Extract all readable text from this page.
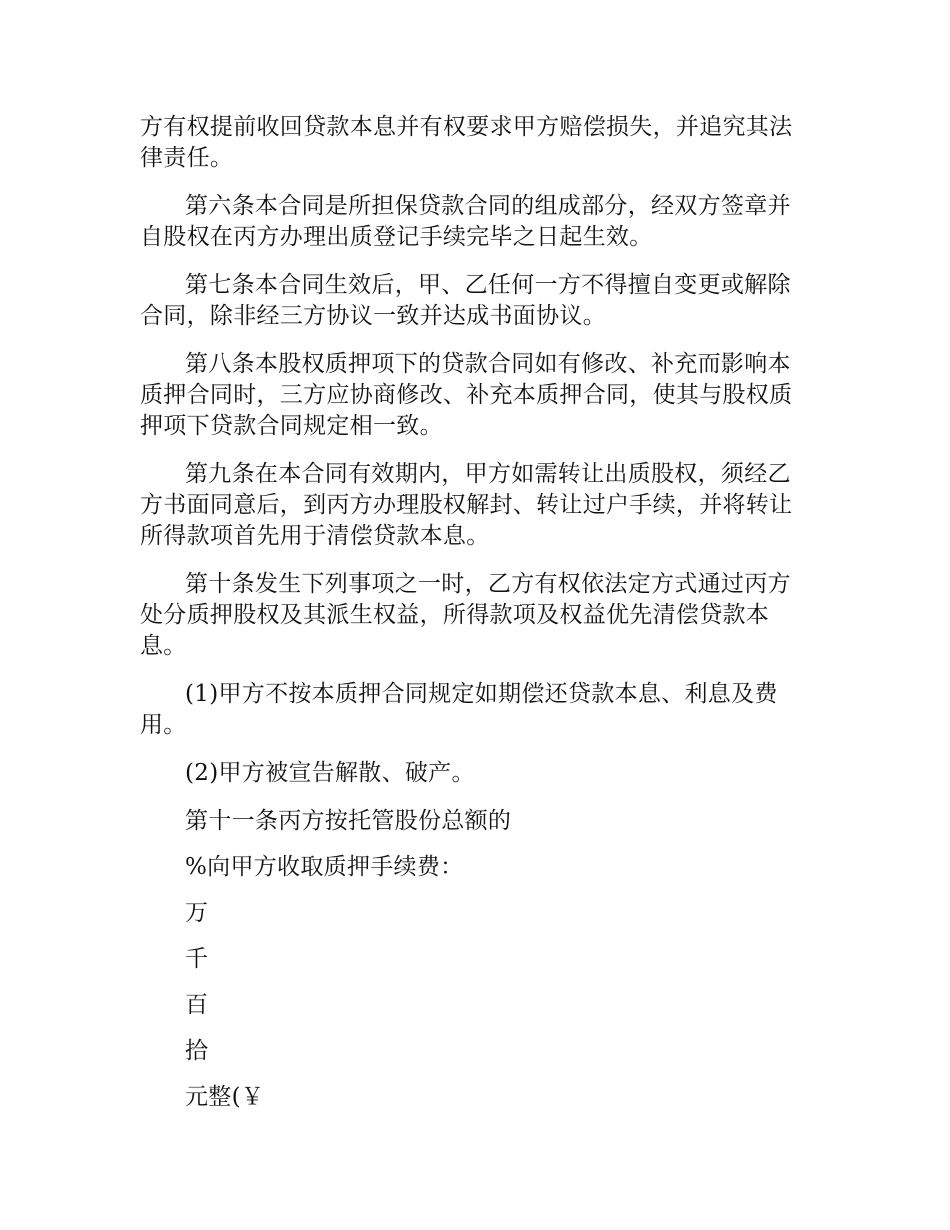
方有权提前收回贷款本息并有权要求甲方赔偿损失，并追究其法律责任。

第六条本合同是所担保贷款合同的组成部分，经双方签章并自股权在丙方办理出质登记手续完毕之日起生效。

第七条本合同生效后，甲、乙任何一方不得擅自变更或解除合同，除非经三方协议一致并达成书面协议。

第八条本股权质押项下的贷款合同如有修改、补充而影响本质押合同时，三方应协商修改、补充本质押合同，使其与股权质押项下贷款合同规定相一致。

第九条在本合同有效期内，甲方如需转让出质股权，须经乙方书面同意后，到丙方办理股权解封、转让过户手续，并将转让所得款项首先用于清偿贷款本息。

第十条发生下列事项之一时，乙方有权依法定方式通过丙方处分质押股权及其派生权益，所得款项及权益优先清偿贷款本息。

(1)甲方不按本质押合同规定如期偿还贷款本息、利息及费用。

(2)甲方被宣告解散、破产。

第十一条丙方按托管股份总额的

%向甲方收取质押手续费：

万

千

百

拾

元整(￥
